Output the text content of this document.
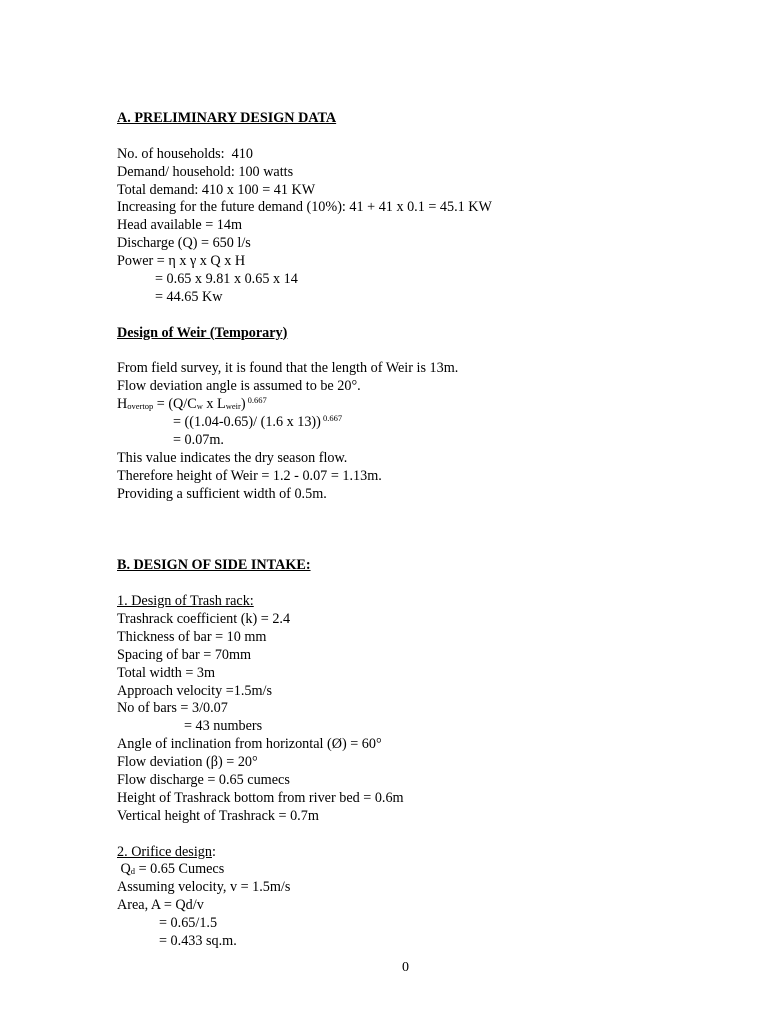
A. PRELIMINARY DESIGN DATA
No. of households:  410
Demand/ household: 100 watts
Total demand: 410 x 100 = 41 KW
Increasing for the future demand (10%): 41 + 41 x 0.1 = 45.1 KW
Head available = 14m
Discharge (Q) = 650 l/s
Power = η x γ x Q x H
= 0.65 x 9.81 x 0.65 x 14
= 44.65 Kw
Design of Weir (Temporary)
From field survey, it is found that the length of Weir is 13m.
Flow deviation angle is assumed to be 20°.
$H_{overtop} = (Q/C_w$ x $L_{weir}$) $^{0.667}$
= ((1.04-0.65)/ (1.6 x 13)) $^{0.667}$
= 0.07m.
This value indicates the dry season flow.
Therefore height of Weir = 1.2 - 0.07 = 1.13m.
Providing a sufficient width of 0.5m.
B. DESIGN OF SIDE INTAKE:
1. Design of Trash rack:
Trashrack coefficient (k) = 2.4
Thickness of bar = 10 mm
Spacing of bar = 70mm
Total width = 3m
Approach velocity =1.5m/s
No of bars = 3/0.07
= 43 numbers
Angle of inclination from horizontal (Ø) = 60°
Flow deviation (β) = 20°
Flow discharge = 0.65 cumecs
Height of Trashrack bottom from river bed = 0.6m
Vertical height of Trashrack = 0.7m
2. Orifice design:
$Q_d = 0.65$ Cumecs
Assuming velocity, v = 1.5m/s
Area, A = Qd/v
= 0.65/1.5
= 0.433 sq.m.
0
